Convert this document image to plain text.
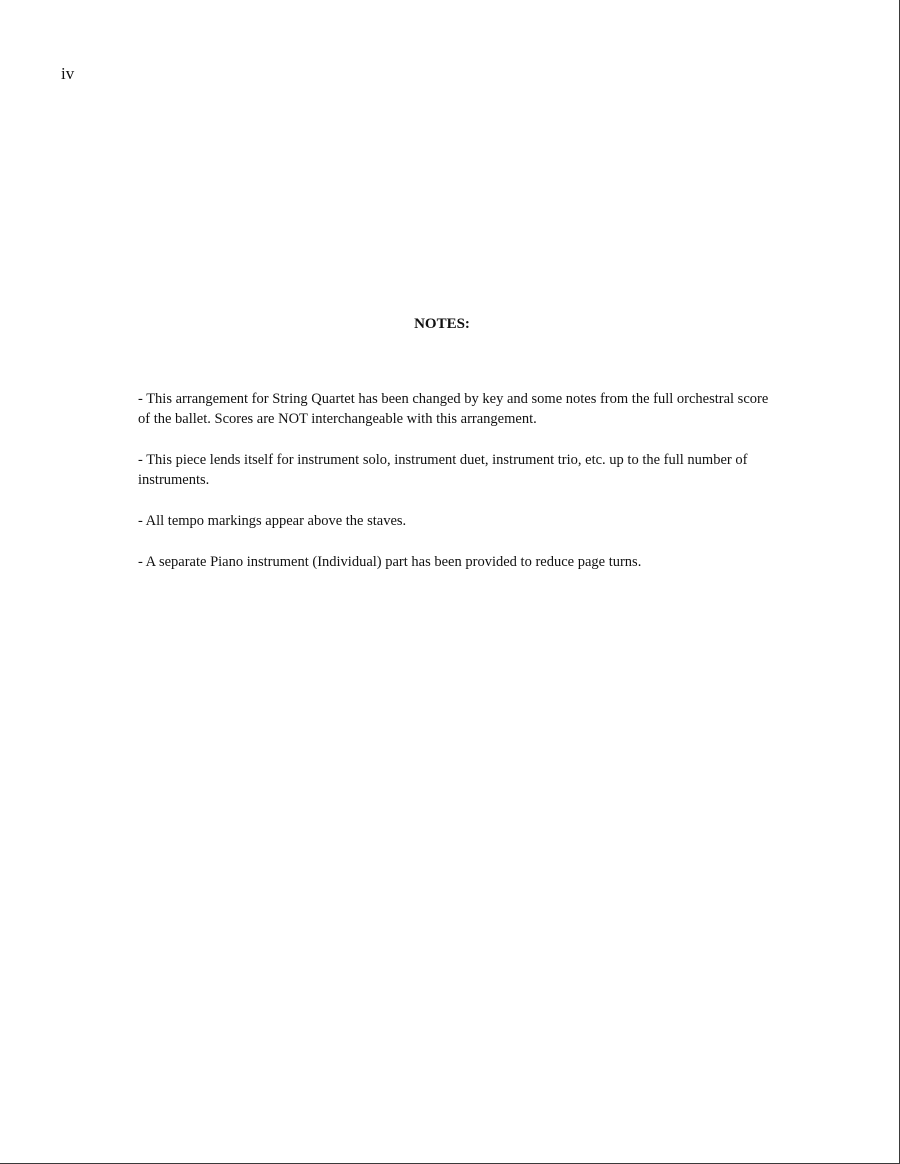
iv
NOTES:
- This arrangement for String Quartet has been changed by key and some notes from the full orchestral score of the ballet. Scores are NOT interchangeable with this arrangement.
- This piece lends itself for instrument solo, instrument duet, instrument trio, etc. up to the full number of instruments.
- All tempo markings appear above the staves.
- A separate Piano instrument (Individual) part has been provided to reduce page turns.
